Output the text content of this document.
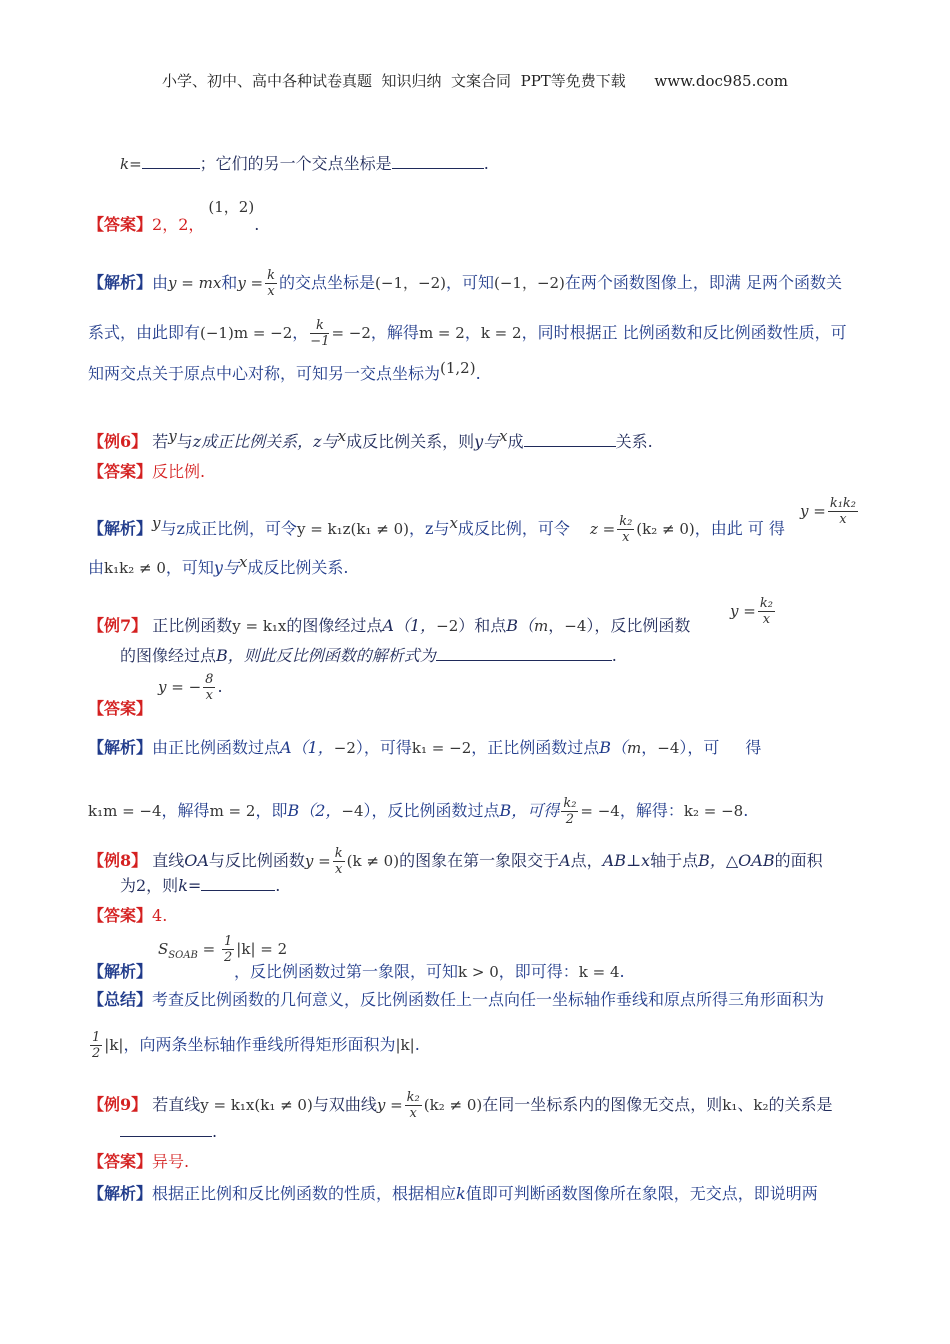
小学、初中、高中各种试卷真题  知识归纳  文案合同  PPT等免费下载      www.doc985.com
k=	；它们的另一个交点坐标是	.
【答案】2，2，(1，2).
【解析】由y = mx和$y = \frac{k}{x}$ 的交点坐标是(−1，−2)，可知(−1，−2)在两个函数图像上，即满 足两个函数关
系式，由此即有(−1)m = −2， $\frac{k}{-1} = -2$，解得m = 2，k = 2，同时根据正 比例函数和反比例函数性质，可
知两交点关于原点中心对称，可知另一交点坐标为(1,2).
【例6】 若y与z成正比例关系，z与x成反比例关系，则y与x成	关系.
【答案】反比例.
【解析】y与z成正比例，可令y = k₁z(k₁ ≠ 0)，z与x成反比例，可令 $z = \frac{\text{k₂}}{x} (k_2 \ne 0)$，由此 可 得
$y = \frac{\text{k₁k₂}}{x}$
由k₁k₂ ≠ 0，可知y与x成反比例关系.
【例7】 正比例函数y = k₁x的图像经过点A（1，−2）和点B（m，−4），反比例函数
$y = \frac{\text{k₂}}{x}$
的图像经过点B，则此反比例函数的解析式为	.
y = − $\frac{8}{x}$ .
【答案】
【解析】由正比例函数过点A（1，−2），可得k₁ = −2，正比例函数过点B（m，−4），可 得
k₁m = −4，解得m = 2，即B（2，−4），反比例函数过点B，可得 $\frac{\text{k₂}}{2} = -4$，解得：k₂ = −8.
【例8】 直线OA与反比例函数$y = \frac{k}{x} (k \ne 0)$的图象在第一象限交于A点，AB⊥x轴于点B，△OAB的面积
为2，则k=	.
【答案】4.
$S_{SOAB} = \frac{1}{2} |k| = 2$
【解析】	，反比例函数过第一象限，可知k > 0，即可得：k = 4.
【总结】考查反比例函数的几何意义，反比例函数任上一点向任一坐标轴作垂线和原点所得三角形面积为
$\frac{1}{2} |k|$，向两条坐标轴作垂线所得矩形面积为|k|.
【例9】 若直线y = k₁x(k₁ ≠ 0)与双曲线$y = \frac{\text{k₂}}{x} (k_2 \ne 0)$在同一坐标系内的图像无交点，则k₁、k₂的关系是
.
【答案】异号.
【解析】根据正比例和反比例函数的性质，根据相应k值即可判断函数图像所在象限，无交点，即说明两
